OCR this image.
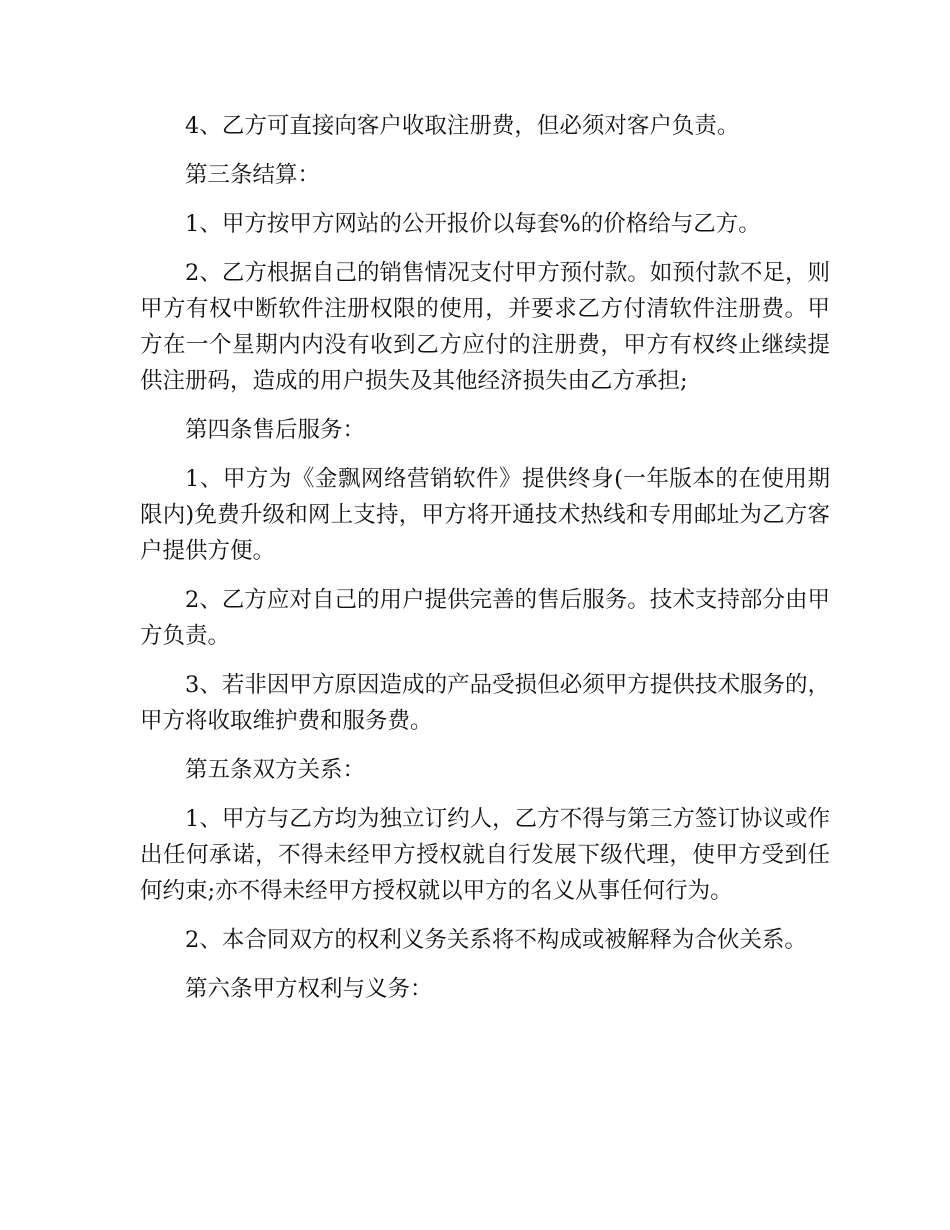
4、乙方可直接向客户收取注册费，但必须对客户负责。

第三条结算：

1、甲方按甲方网站的公开报价以每套%的价格给与乙方。

2、乙方根据自己的销售情况支付甲方预付款。如预付款不足，则甲方有权中断软件注册权限的使用，并要求乙方付清软件注册费。甲方在一个星期内内没有收到乙方应付的注册费，甲方有权终止继续提供注册码，造成的用户损失及其他经济损失由乙方承担;

第四条售后服务：

1、甲方为《金飘网络营销软件》提供终身(一年版本的在使用期限内)免费升级和网上支持，甲方将开通技术热线和专用邮址为乙方客户提供方便。

2、乙方应对自己的用户提供完善的售后服务。技术支持部分由甲方负责。

3、若非因甲方原因造成的产品受损但必须甲方提供技术服务的，甲方将收取维护费和服务费。

第五条双方关系：

1、甲方与乙方均为独立订约人，乙方不得与第三方签订协议或作出任何承诺，不得未经甲方授权就自行发展下级代理，使甲方受到任何约束;亦不得未经甲方授权就以甲方的名义从事任何行为。

2、本合同双方的权利义务关系将不构成或被解释为合伙关系。

第六条甲方权利与义务：
